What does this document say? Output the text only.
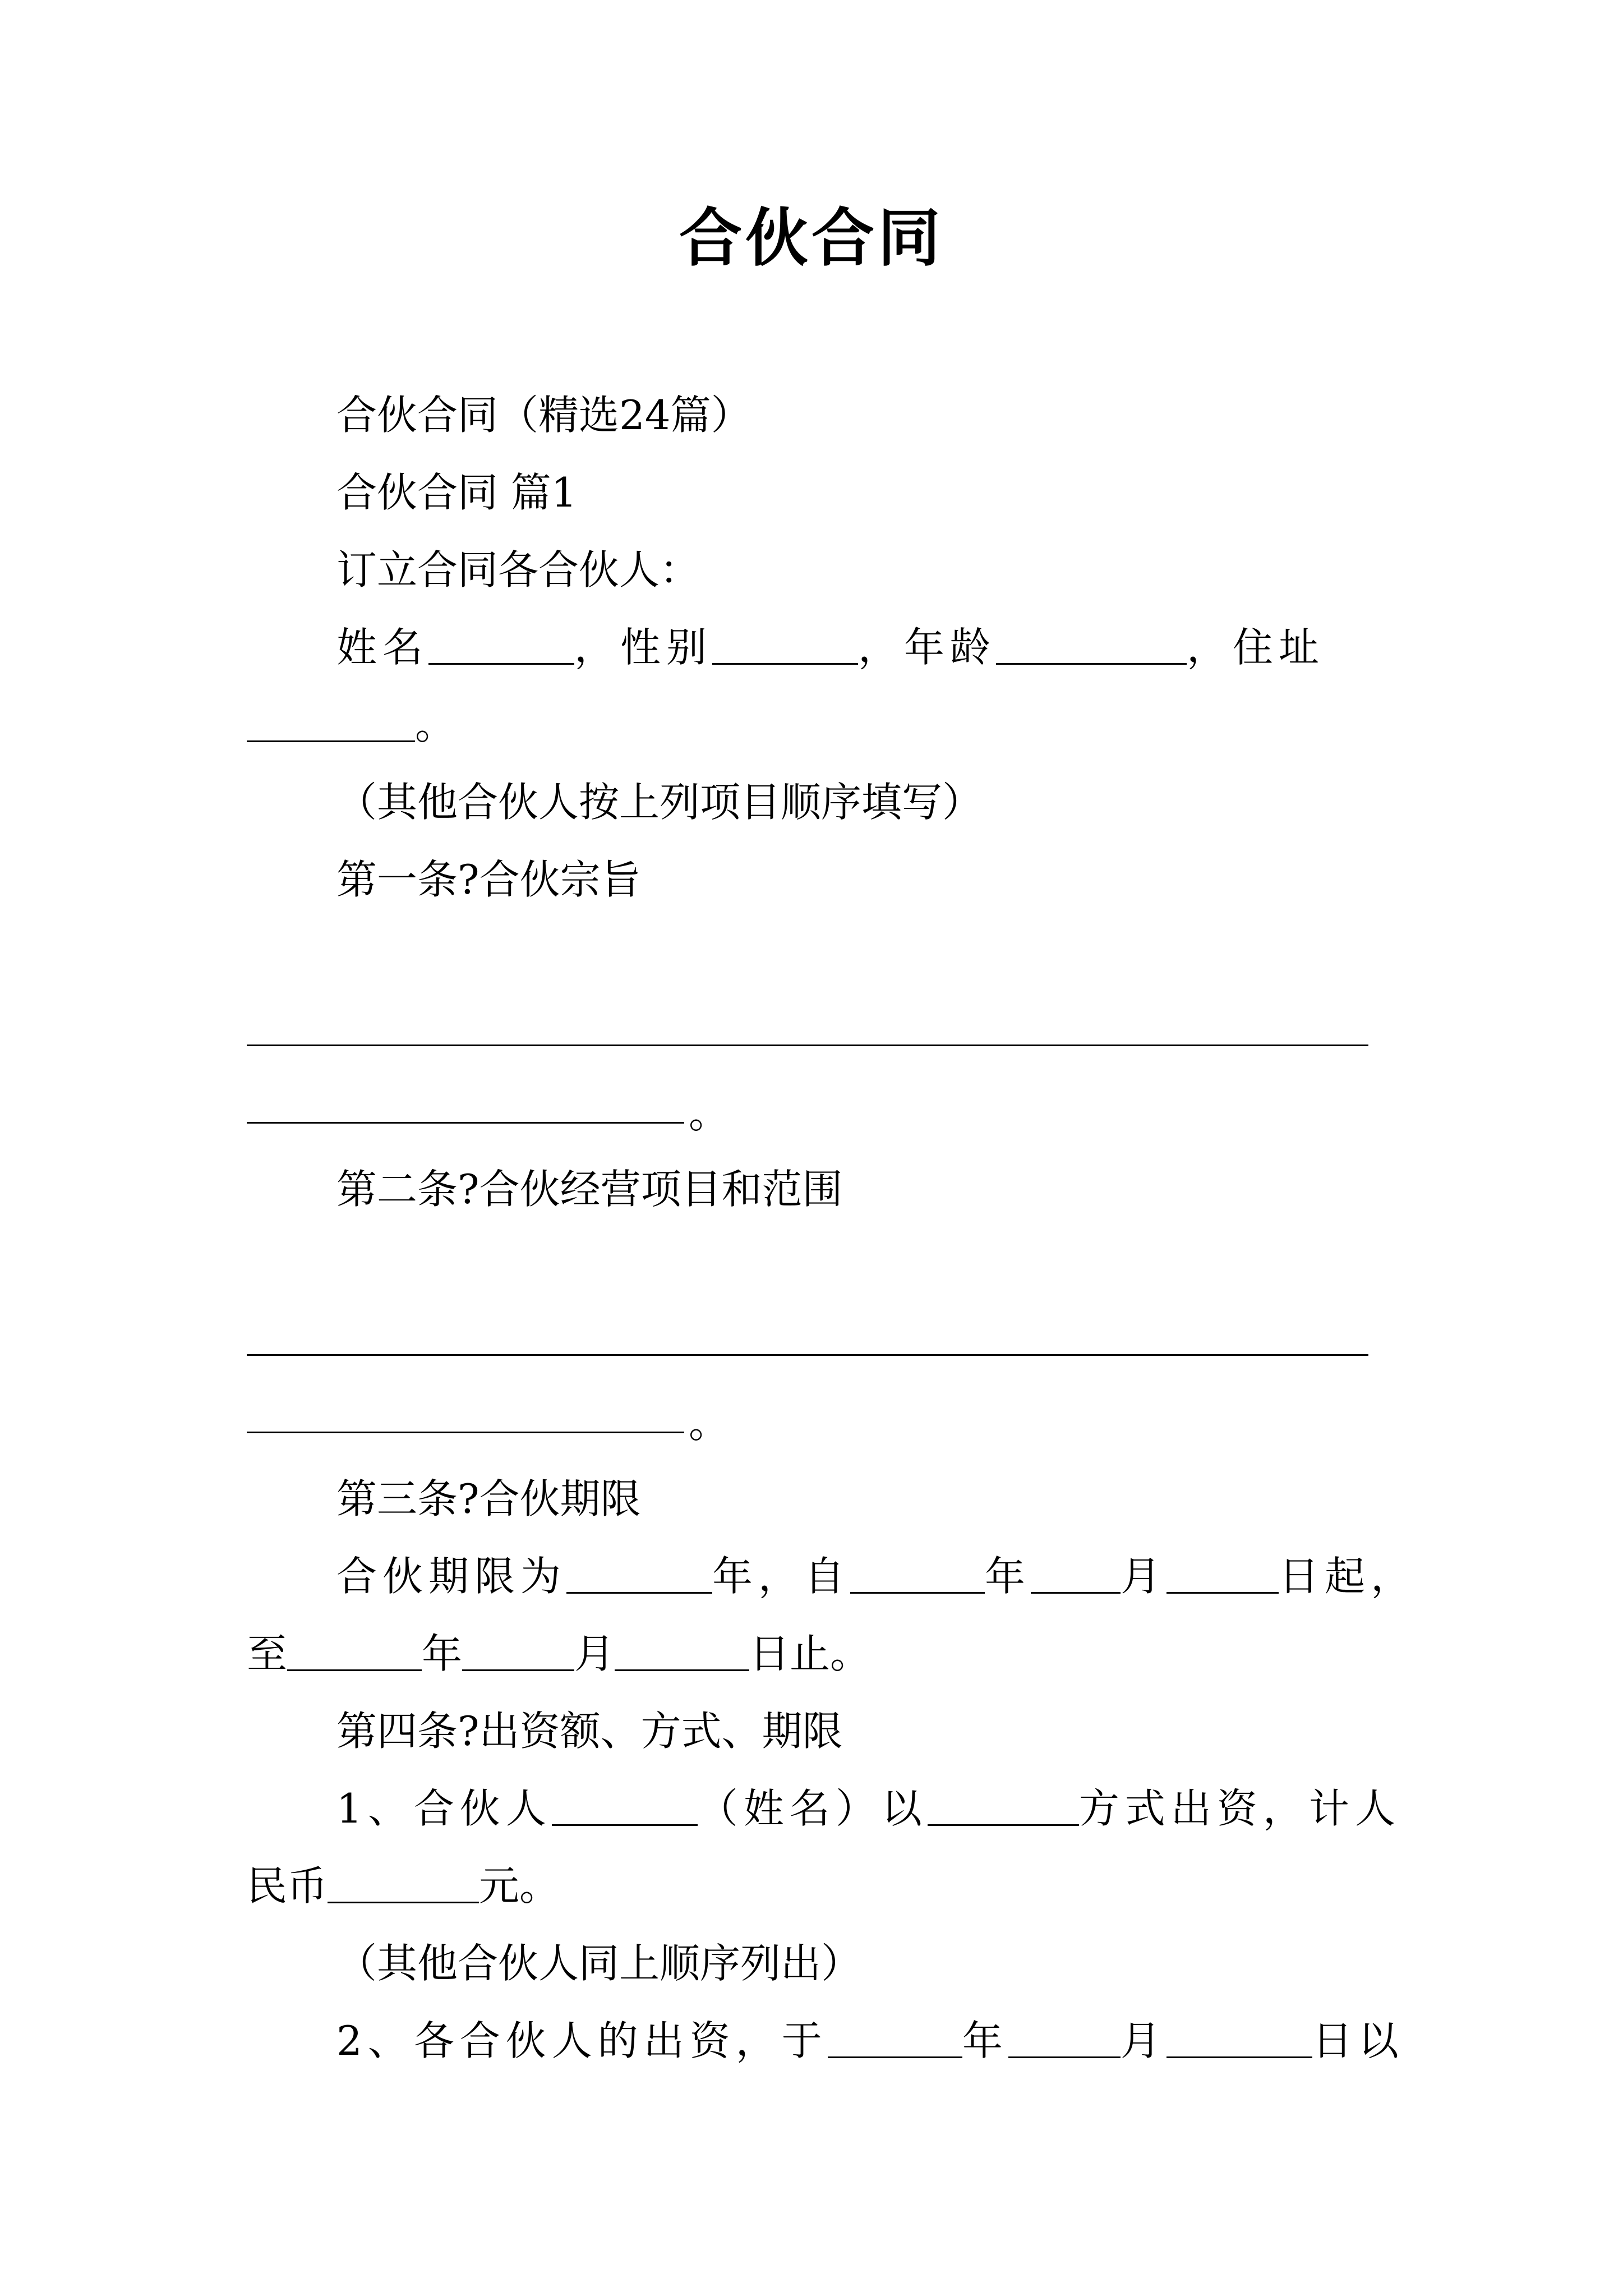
合伙合同
合伙合同（精选24篇）
合伙合同 篇1
订立合同各合伙人：
姓名	，性别	，年龄	，住址
。
（其他合伙人按上列项目顺序填写）
第一条?合伙宗旨
。
第二条?合伙经营项目和范围
。
第三条?合伙期限
合伙期限为	年，自	年 月	日起，
至	年	月	日止。
第四条?出资额、方式、期限
1、合伙人	（姓名）以	方式出资，计人
民币	元。
（其他合伙人同上顺序列出）
2、各合伙人的出资，于	年	月	日以
